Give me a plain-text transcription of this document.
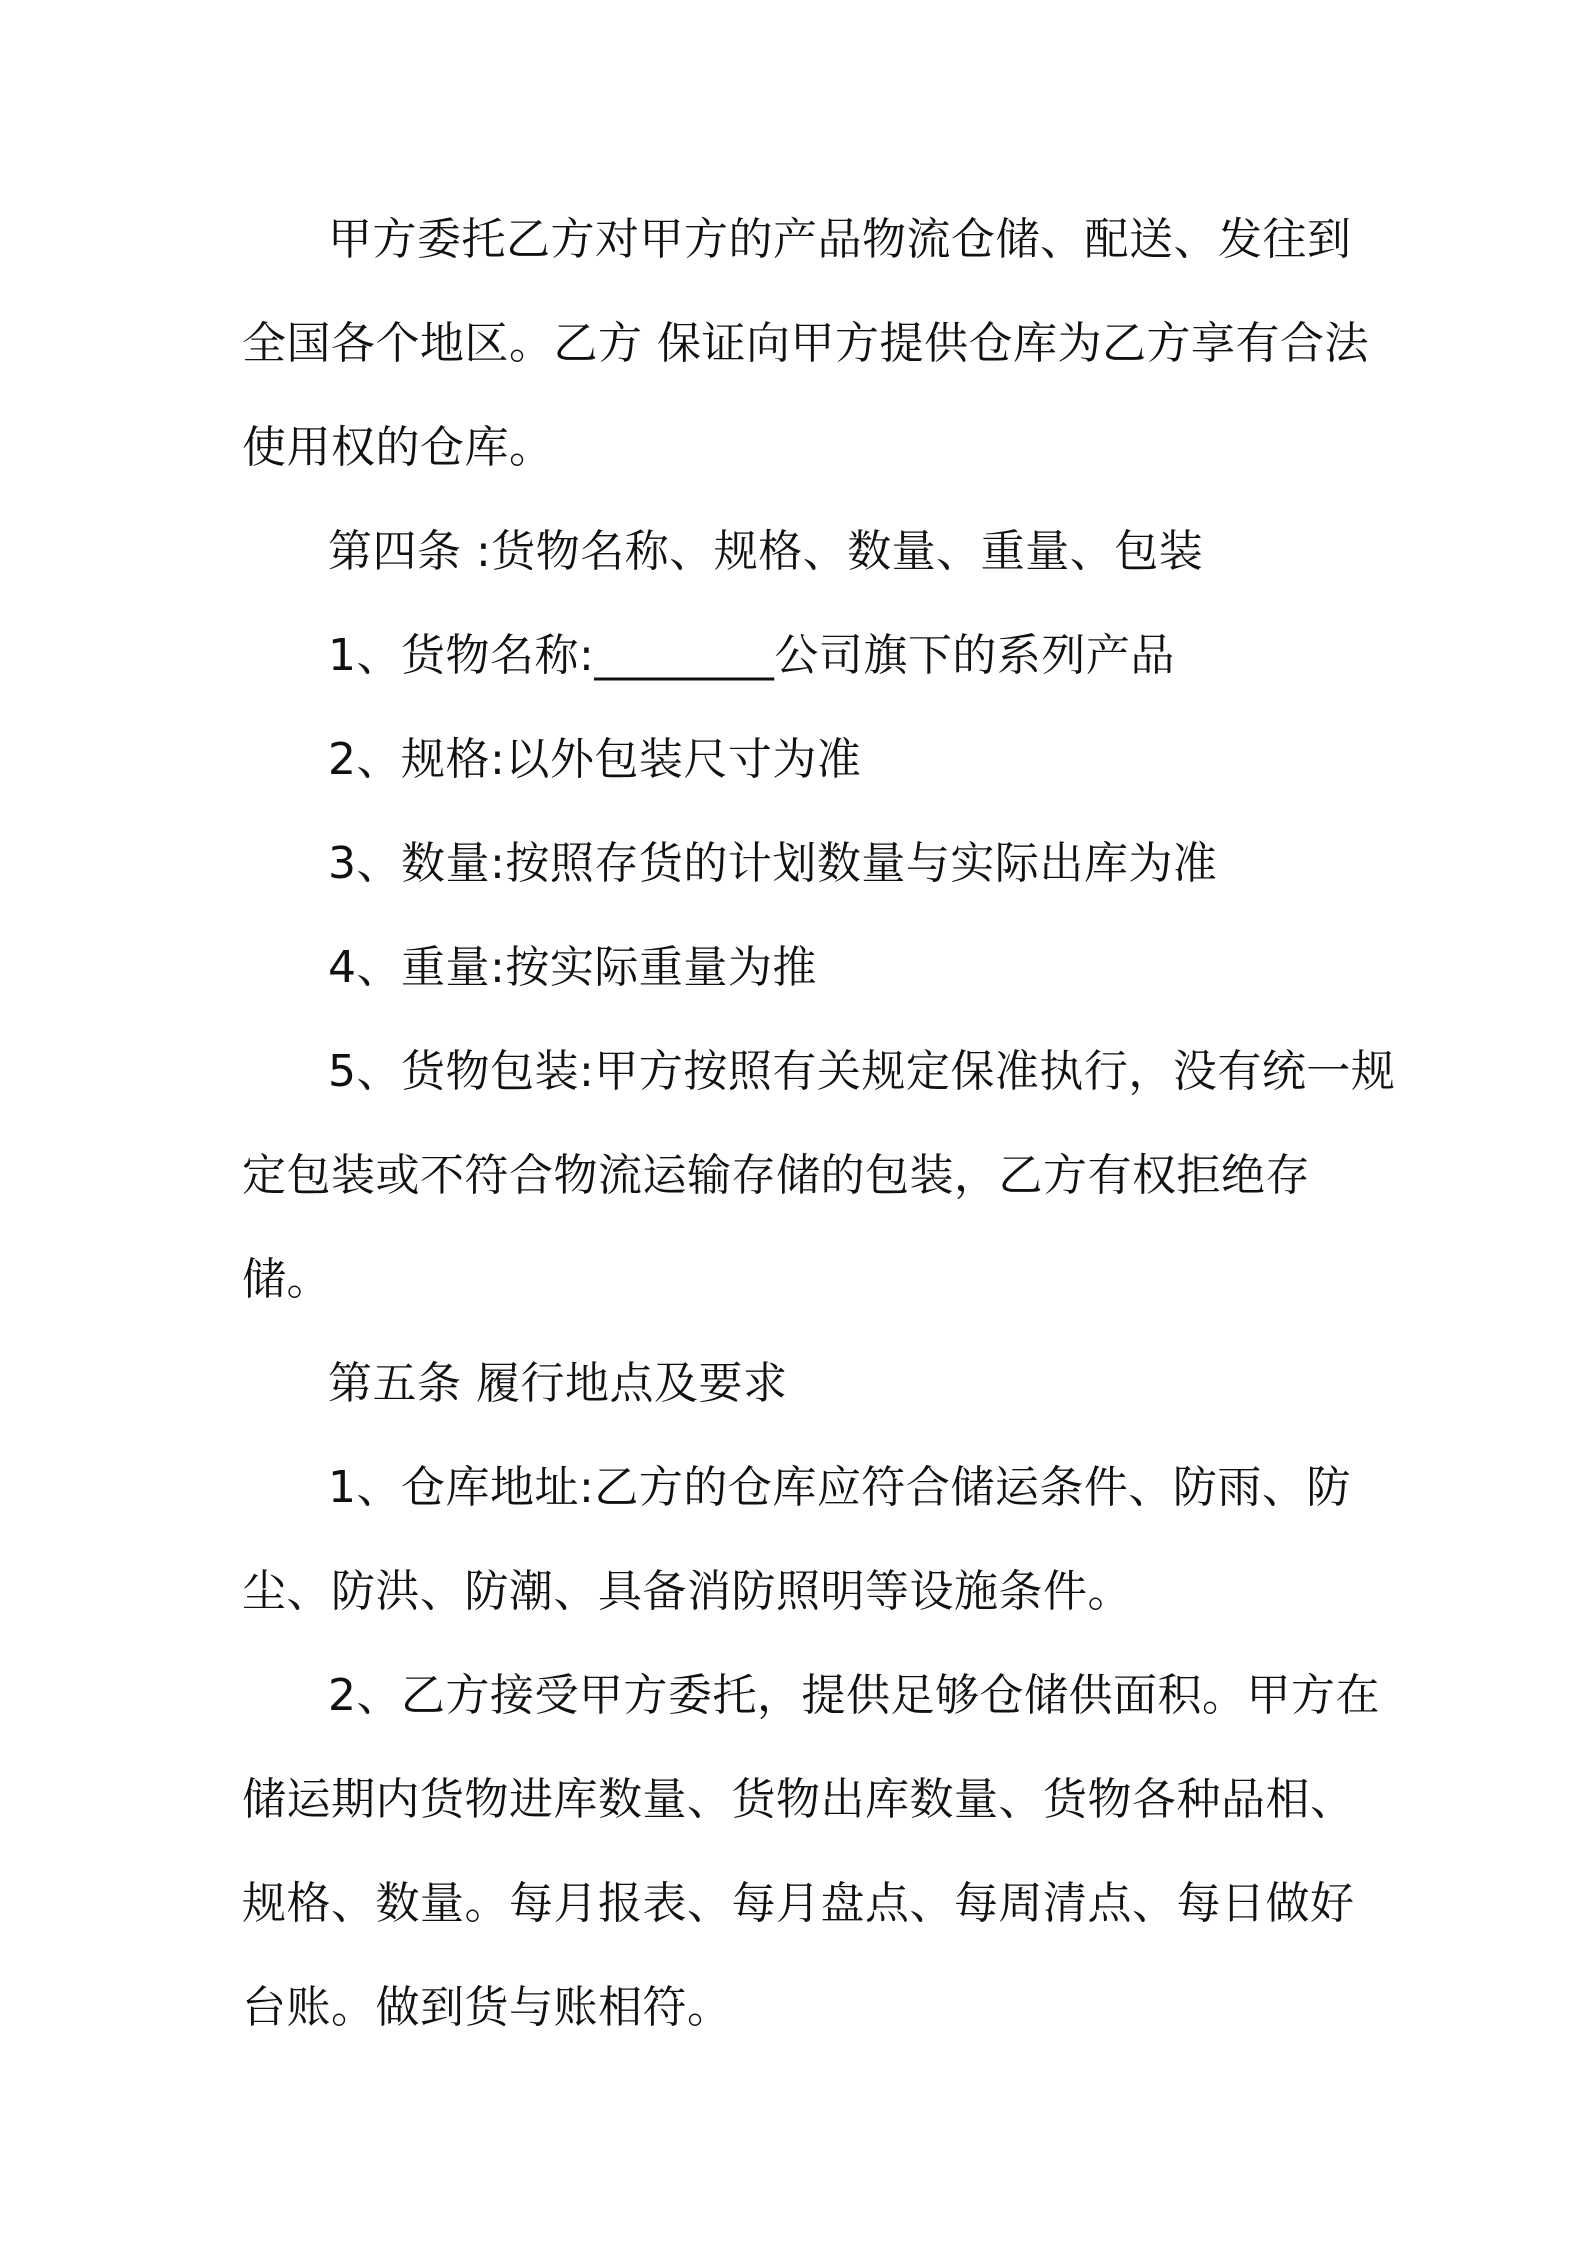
甲方委托乙方对甲方的产品物流仓储、配送、发往到
全国各个地区。乙方 保证向甲方提供仓库为乙方享有合法
使用权的仓库。
第四条 :货物名称、规格、数量、重量、包装
1、货物名称:________公司旗下的系列产品
2、规格:以外包装尺寸为准
3、数量:按照存货的计划数量与实际出库为准
4、重量:按实际重量为推
5、货物包装:甲方按照有关规定保准执行，没有统一规
定包装或不符合物流运输存储的包装，乙方有权拒绝存
储。
第五条 履行地点及要求
1、仓库地址:乙方的仓库应符合储运条件、防雨、防
尘、防洪、防潮、具备消防照明等设施条件。
2、乙方接受甲方委托，提供足够仓储供面积。甲方在
储运期内货物进库数量、货物出库数量、货物各种品相、
规格、数量。每月报表、每月盘点、每周清点、每日做好
台账。做到货与账相符。
